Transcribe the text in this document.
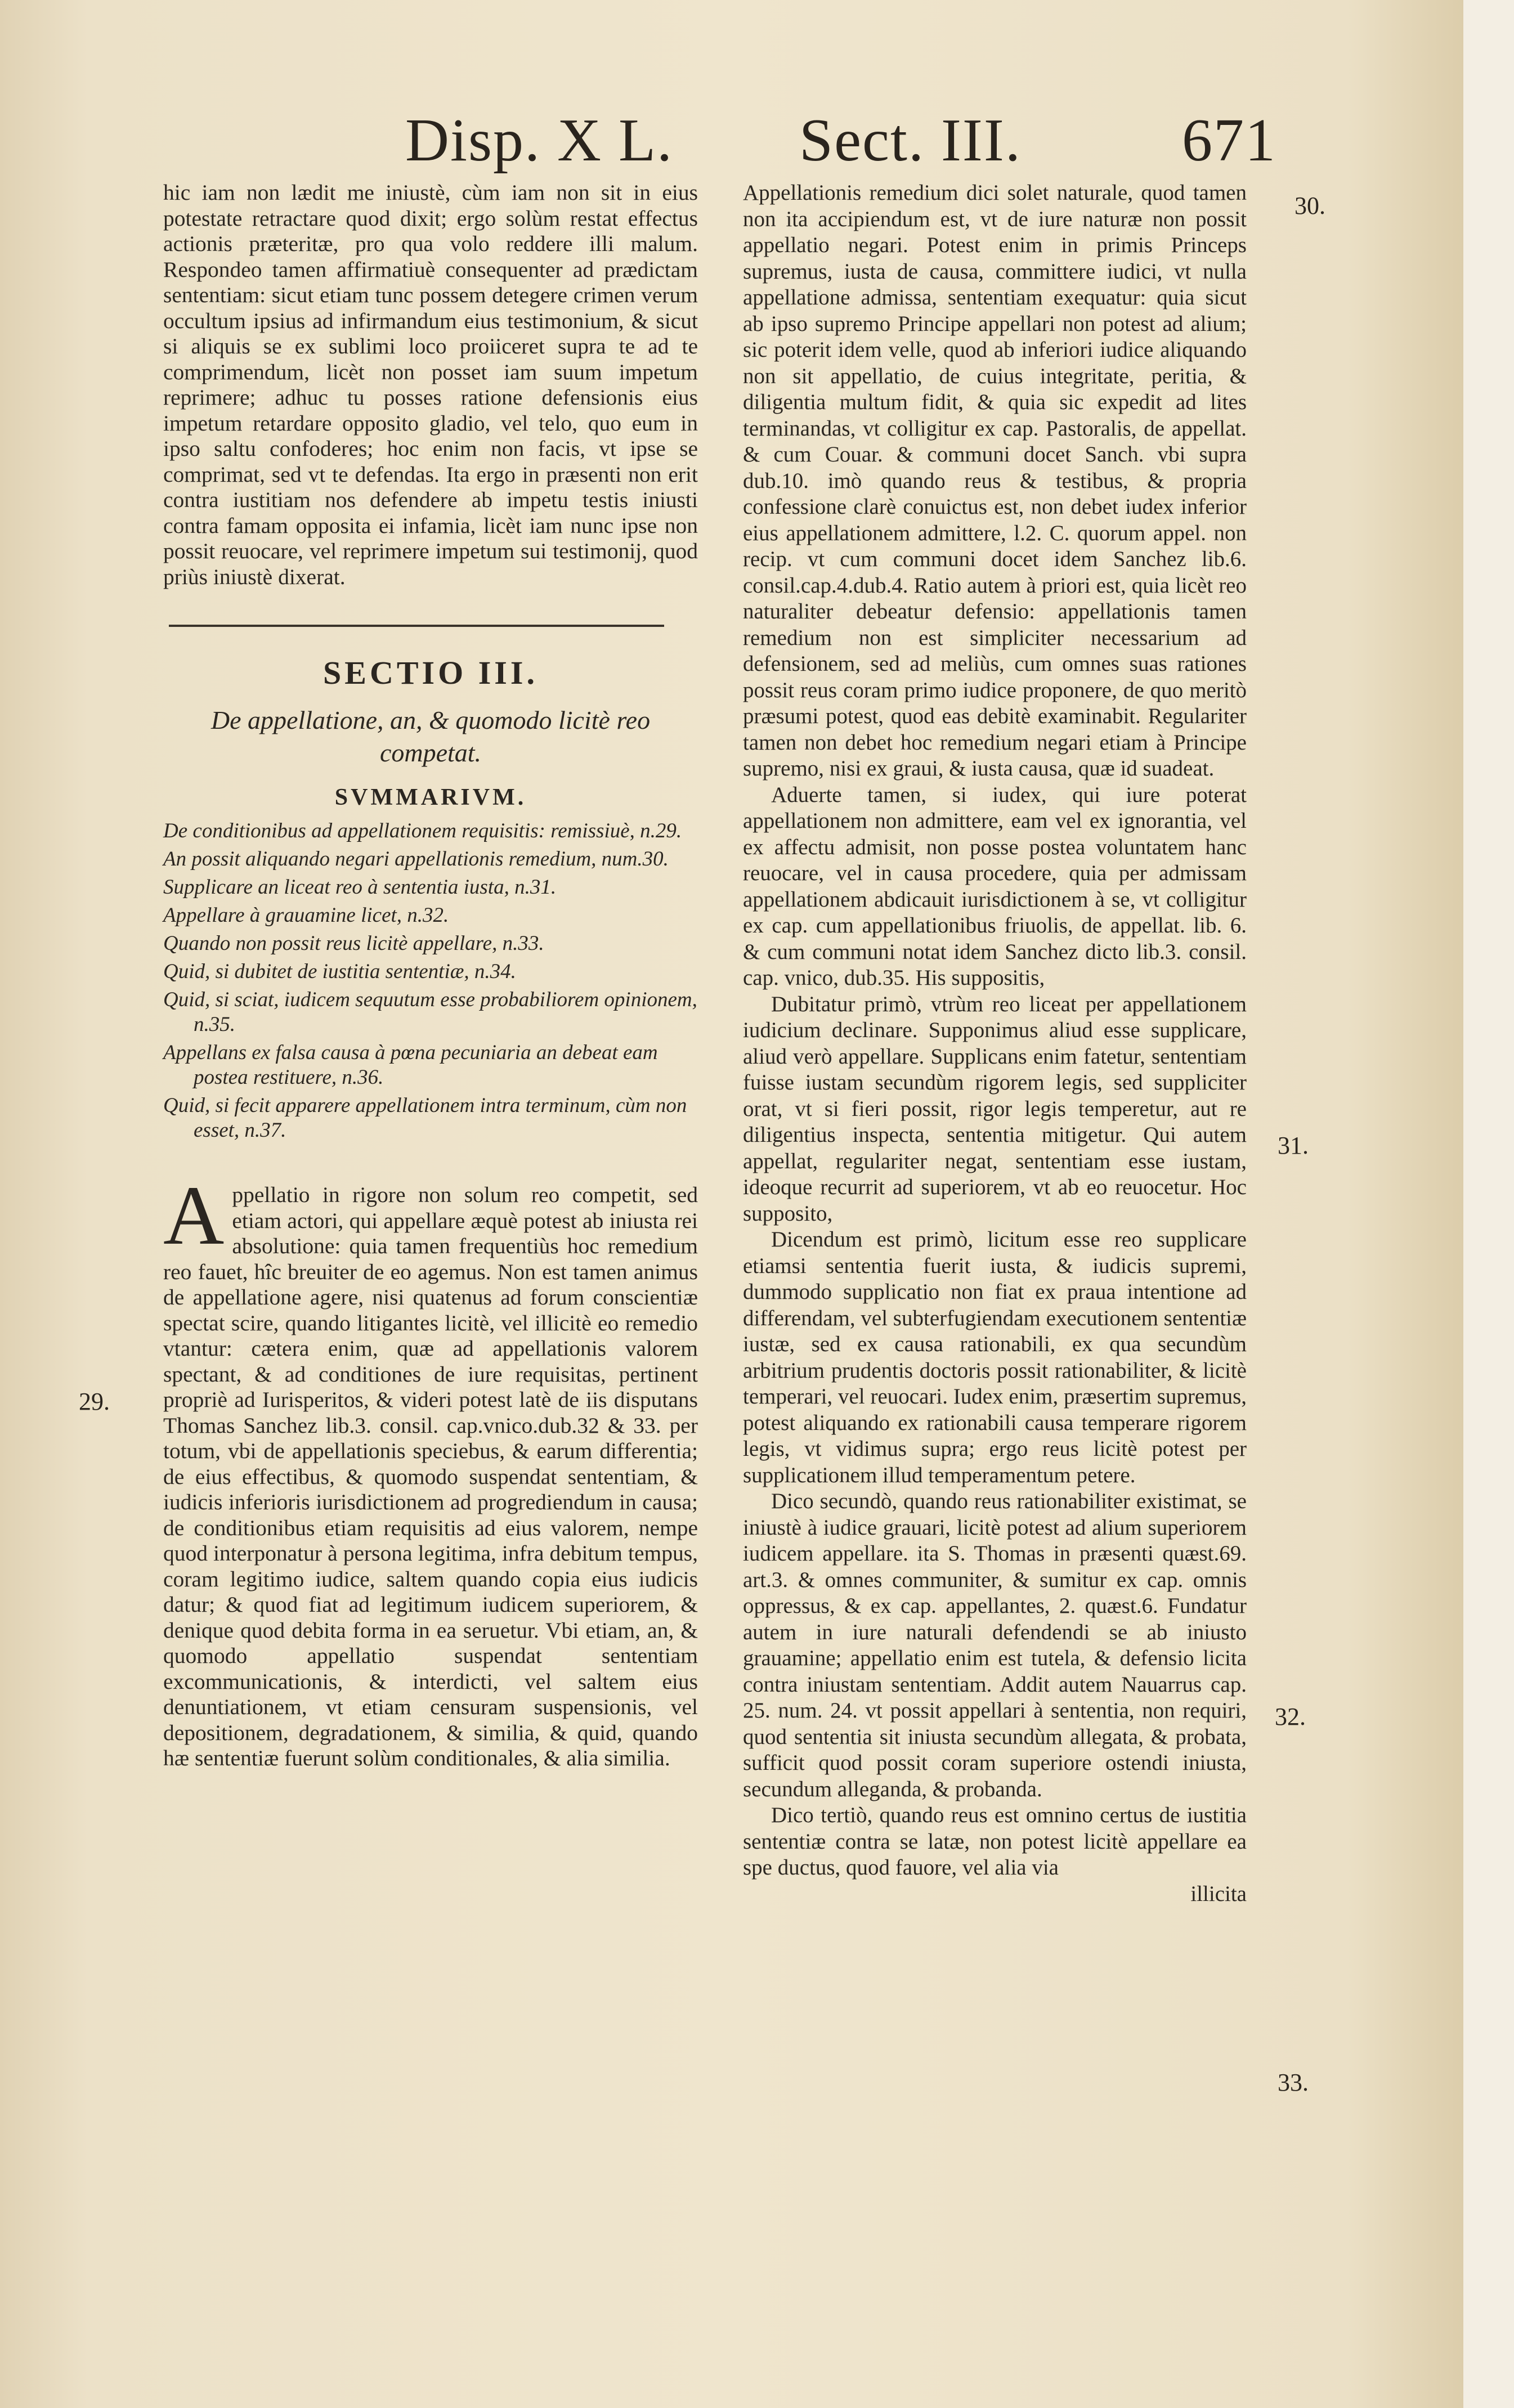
Disp. X L. Sect. III.	671

hic iam non lædit me iniustè, cùm iam non sit in eius potestate retractare quod dixit; ergo solùm restat effectus actionis præteritæ, pro qua volo reddere illi malum. Respondeo tamen affirmatiuè consequenter ad prædictam sententiam: sicut etiam tunc possem detegere crimen verum occultum ipsius ad infirmandum eius testimonium, & sicut si aliquis se ex sublimi loco proiiceret supra te ad te comprimendum, licèt non posset iam suum impetum reprimere; adhuc tu posses ratione defensionis eius impetum retardare opposito gladio, vel telo, quo eum in ipso saltu confoderes; hoc enim non facis, vt ipse se comprimat, sed vt te defendas. Ita ergo in præsenti non erit contra iustitiam nos defendere ab impetu testis iniusti contra famam opposita ei infamia, licèt iam nunc ipse non possit reuocare, vel reprimere impetum sui testimonij, quod priùs iniustè dixerat.

SECTIO III.

De appellatione, an, & quomodo licitè reo competat.

SVMMARIVM.
De conditionibus ad appellationem requisitis: remissiuè, n.29.
An possit aliquando negari appellationis remedium, num.30.
Supplicare an liceat reo à sententia iusta, n.31.
Appellare à grauamine licet, n.32.
Quando non possit reus licitè appellare, n.33.
Quid, si dubitet de iustitia sententiæ, n.34.
Quid, si sciat, iudicem sequutum esse probabiliorem opinionem, n.35.
Appellans ex falsa causa à pœna pecuniaria an debeat eam postea restituere, n.36.
Quid, si fecit apparere appellationem intra terminum, cùm non esset, n.37.

Appellatio in rigore non solum reo competit, sed etiam actori, qui appellare æquè potest ab iniusta rei absolutione: quia tamen frequentiùs hoc remedium reo fauet, hîc breuiter de eo agemus. Non est tamen animus de appellatione agere, nisi quatenus ad forum conscientiæ spectat scire, quando litigantes licitè, vel illicitè eo remedio vtantur: cætera enim, quæ ad appellationis valorem spectant, & ad conditiones de iure requisitas, pertinent propriè ad Iurisperitos, & videri potest latè de iis disputans Thomas Sanchez lib.3. consil. cap.vnico.dub.32 & 33. per totum, vbi de appellationis speciebus, & earum differentia; de eius effectibus, & quomodo suspendat sententiam, & iudicis inferioris iurisdictionem ad progrediendum in causa; de conditionibus etiam requisitis ad eius valorem, nempe quod interponatur à persona legitima, infra debitum tempus, coram legitimo iudice, saltem quando copia eius iudicis datur; & quod fiat ad legitimum iudicem superiorem, & denique quod debita forma in ea seruetur. Vbi etiam, an, & quomodo appellatio suspendat sententiam excommunicationis, & interdicti, vel saltem eius denuntiationem, vt etiam censuram suspensionis, vel depositionem, degradationem, & similia, & quid, quando hæ sententiæ fuerunt solùm conditionales, & alia similia.

Appellationis remedium dici solet naturale, quod tamen non ita accipiendum est, vt de iure naturæ non possit appellatio negari. Potest enim in primis Princeps supremus, iusta de causa, committere iudici, vt nulla appellatione admissa, sententiam exequatur: quia sicut ab ipso supremo Principe appellari non potest ad alium; sic poterit idem velle, quod ab inferiori iudice aliquando non sit appellatio, de cuius integritate, peritia, & diligentia multum fidit, & quia sic expedit ad lites terminandas, vt colligitur ex cap. Pastoralis, de appellat. & cum Couar. & communi docet Sanch. vbi supra dub.10. imò quando reus & testibus, & propria confessione clarè conuictus est, non debet iudex inferior eius appellationem admittere, l.2. C. quorum appel. non recip. vt cum communi docet idem Sanchez lib.6. consil.cap.4.dub.4. Ratio autem à priori est, quia licèt reo naturaliter debeatur defensio: appellationis tamen remedium non est simpliciter necessarium ad defensionem, sed ad meliùs, cum omnes suas rationes possit reus coram primo iudice proponere, de quo meritò præsumi potest, quod eas debitè examinabit. Regulariter tamen non debet hoc remedium negari etiam à Principe supremo, nisi ex graui, & iusta causa, quæ id suadeat.

Aduerte tamen, si iudex, qui iure poterat appellationem non admittere, eam vel ex ignorantia, vel ex affectu admisit, non posse postea voluntatem hanc reuocare, vel in causa procedere, quia per admissam appellationem abdicauit iurisdictionem à se, vt colligitur ex cap. cum appellationibus friuolis, de appellat. lib. 6. & cum communi notat idem Sanchez dicto lib.3. consil. cap. vnico, dub.35. His suppositis,

Dubitatur primò, vtrùm reo liceat per appellationem iudicium declinare. Supponimus aliud esse supplicare, aliud verò appellare. Supplicans enim fatetur, sententiam fuisse iustam secundùm rigorem legis, sed suppliciter orat, vt si fieri possit, rigor legis temperetur, aut re diligentius inspecta, sententia mitigetur. Qui autem appellat, regulariter negat, sententiam esse iustam, ideoque recurrit ad superiorem, vt ab eo reuocetur. Hoc supposito,

Dicendum est primò, licitum esse reo supplicare etiamsi sententia fuerit iusta, & iudicis supremi, dummodo supplicatio non fiat ex praua intentione ad differendam, vel subterfugiendam executionem sententiæ iustæ, sed ex causa rationabili, ex qua secundùm arbitrium prudentis doctoris possit rationabiliter, & licitè temperari, vel reuocari. Iudex enim, præsertim supremus, potest aliquando ex rationabili causa temperare rigorem legis, vt vidimus supra; ergo reus licitè potest per supplicationem illud temperamentum petere.

Dico secundò, quando reus rationabiliter existimat, se iniustè à iudice grauari, licitè potest ad alium superiorem iudicem appellare. ita S. Thomas in præsenti quæst.69. art.3. & omnes communiter, & sumitur ex cap. omnis oppressus, & ex cap. appellantes, 2. quæst.6. Fundatur autem in iure naturali defendendi se ab iniusto grauamine; appellatio enim est tutela, & defensio licita contra iniustam sententiam. Addit autem Nauarrus cap. 25. num. 24. vt possit appellari à sententia, non requiri, quod sententia sit iniusta secundùm allegata, & probata, sufficit quod possit coram superiore ostendi iniusta, secundum alleganda, & probanda.

Dico tertiò, quando reus est omnino certus de iustitia sententiæ contra se latæ, non potest licitè appellare ea spe ductus, quod fauore, vel alia via

illicita

29.
30.
31.
32.
33.
